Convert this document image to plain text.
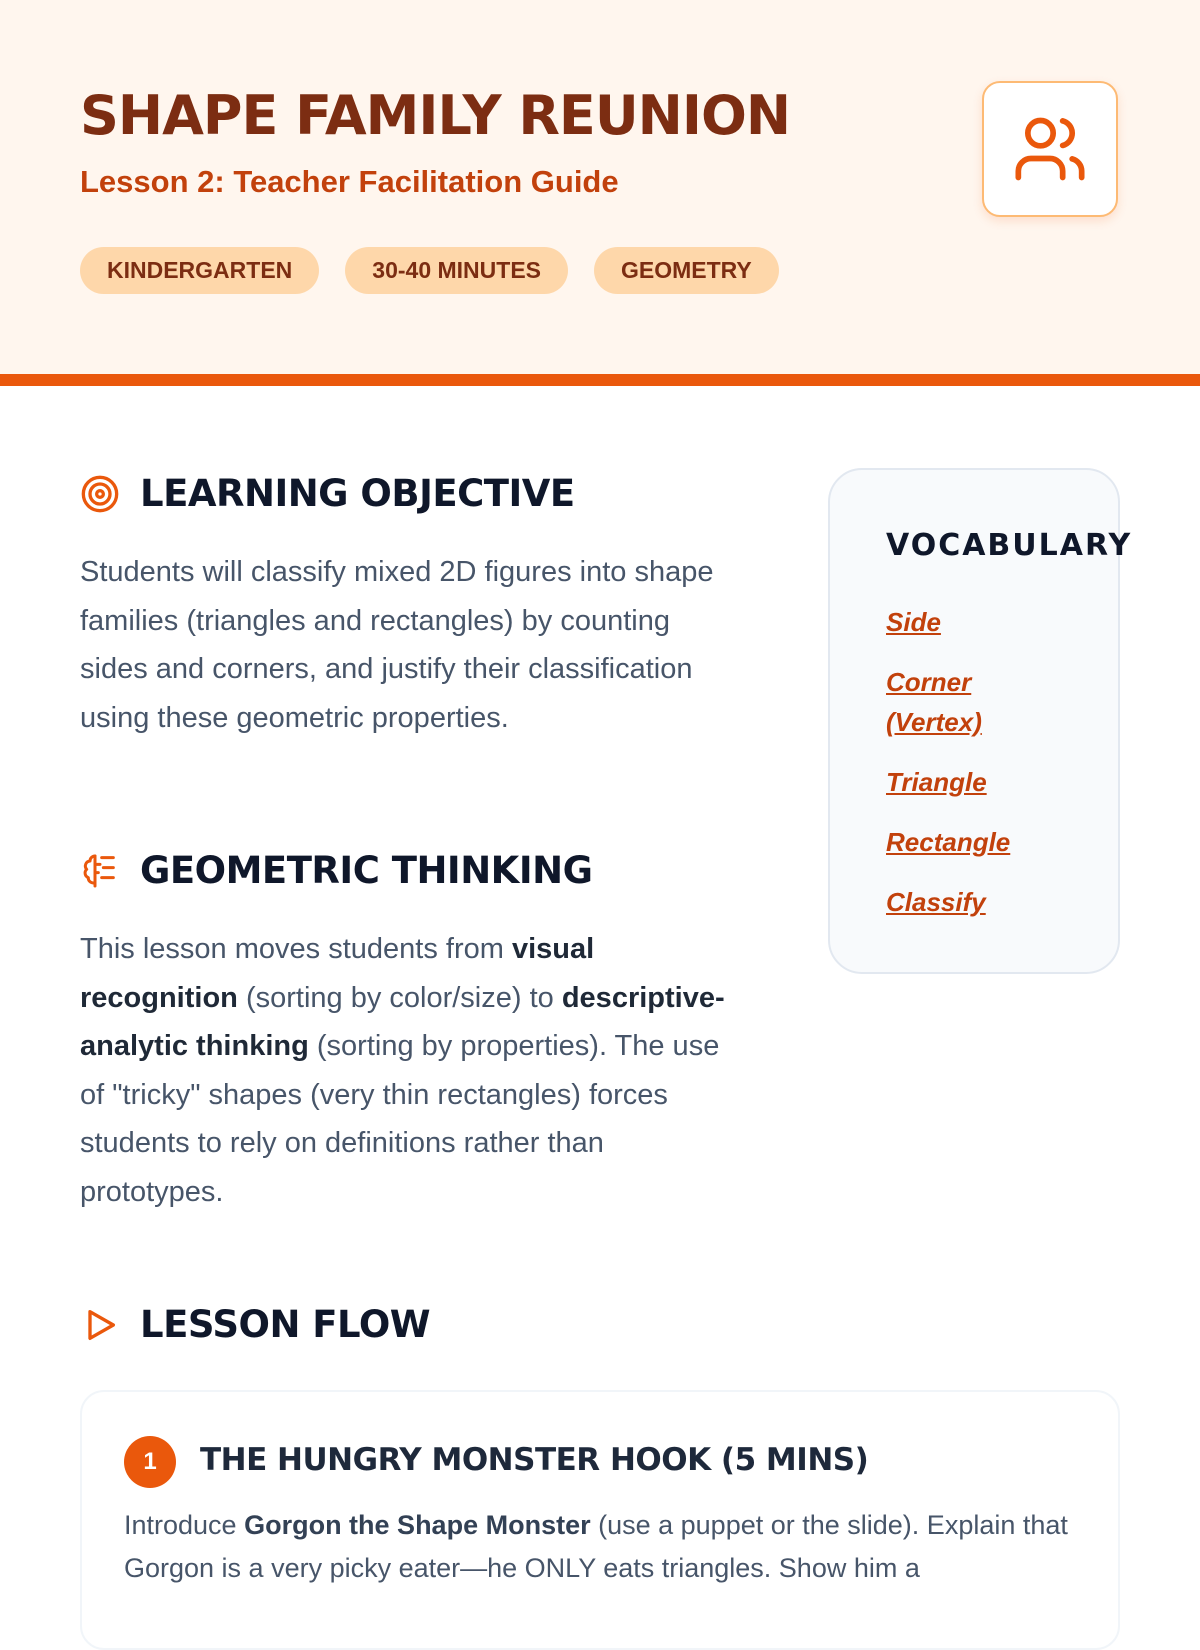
SHAPE FAMILY REUNION

Lesson 2: Teacher Facilitation Guide

KINDERGARTEN	30-40 MINUTES	GEOMETRY
LEARNING OBJECTIVE

Students will classify mixed 2D figures into shape families (triangles and rectangles) by counting sides and corners, and justify their classification using these geometric properties.

GEOMETRIC THINKING

This lesson moves students from visual recognition (sorting by color/size) to descriptive-analytic thinking (sorting by properties). The use of "tricky" shapes (very thin rectangles) forces students to rely on definitions rather than prototypes.

VOCABULARY
Side
Corner (Vertex)
Triangle
Rectangle
Classify
LESSON FLOW
1	THE HUNGRY MONSTER HOOK (5 MINS)

Introduce Gorgon the Shape Monster (use a puppet or the slide). Explain that Gorgon is a very picky eater—he ONLY eats triangles. Show him a
